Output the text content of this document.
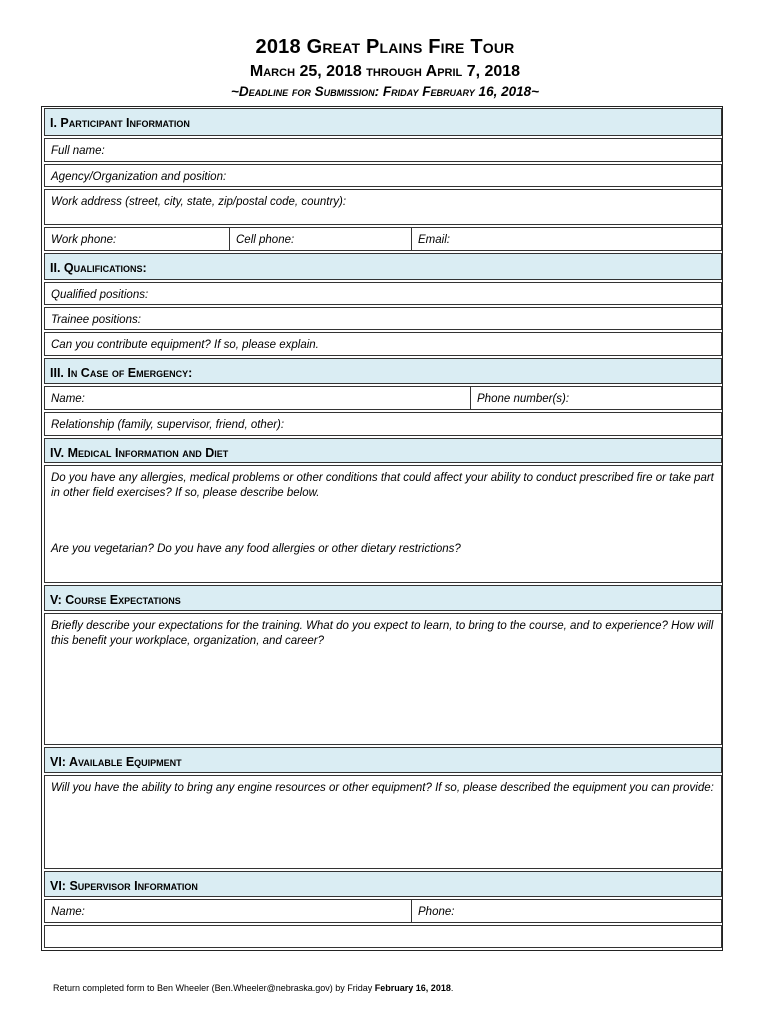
2018 Great Plains Fire Tour
March 25, 2018 through April 7, 2018
~Deadline for Submission: Friday February 16, 2018~
I. Participant Information
Full name:
Agency/Organization and position:
Work address (street, city, state, zip/postal code, country):
Work phone:	Cell phone:	Email:
II. Qualifications:
Qualified positions:
Trainee positions:
Can you contribute equipment? If so, please explain.
III. In Case of Emergency:
Name:	Phone number(s):
Relationship (family, supervisor, friend, other):
IV. Medical Information and Diet
Do you have any allergies, medical problems or other conditions that could affect your ability to conduct prescribed fire or take part in other field exercises? If so, please describe below.
Are you vegetarian? Do you have any food allergies or other dietary restrictions?
V: Course Expectations
Briefly describe your expectations for the training. What do you expect to learn, to bring to the course, and to experience? How will this benefit your workplace, organization, and career?
VI: Available Equipment
Will you have the ability to bring any engine resources or other equipment? If so, please described the equipment you can provide:
VI: Supervisor Information
Name:	Phone:
Return completed form to Ben Wheeler (Ben.Wheeler@nebraska.gov) by Friday February 16, 2018.
